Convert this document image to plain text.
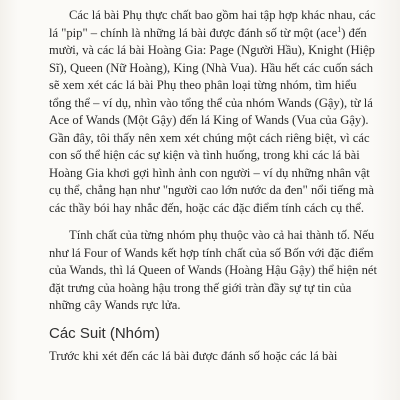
Các lá bài Phụ thực chất bao gồm hai tập hợp khác nhau, các lá "pip" – chính là những lá bài được đánh số từ một (ace$^1$) đến mười, và các lá bài Hoàng Gia: Page (Người Hầu), Knight (Hiệp Sĩ), Queen (Nữ Hoàng), King (Nhà Vua). Hầu hết các cuốn sách sẽ xem xét các lá bài Phụ theo phân loại từng nhóm, tìm hiểu tổng thể – ví dụ, nhìn vào tổng thể của nhóm Wands (Gậy), từ lá Ace of Wands (Một Gậy) đến lá King of Wands (Vua của Gậy). Gần đây, tôi thấy nên xem xét chúng một cách riêng biệt, vì các con số thể hiện các sự kiện và tình huống, trong khi các lá bài Hoàng Gia khơi gợi hình ảnh con người – ví dụ những nhân vật cụ thể, chẳng hạn như "người cao lớn nước da đen" nổi tiếng mà các thầy bói hay nhắc đến, hoặc các đặc điểm tính cách cụ thể.

Tính chất của từng nhóm phụ thuộc vào cả hai thành tố. Nếu như lá Four of Wands kết hợp tính chất của số Bốn với đặc điểm của Wands, thì lá Queen of Wands (Hoàng Hậu Gậy) thể hiện nét đặt trưng của hoàng hậu trong thế giới tràn đầy sự tự tin của những cây Wands rực lửa.

Các Suit (Nhóm)

Trước khi xét đến các lá bài được đánh số hoặc các lá bài
